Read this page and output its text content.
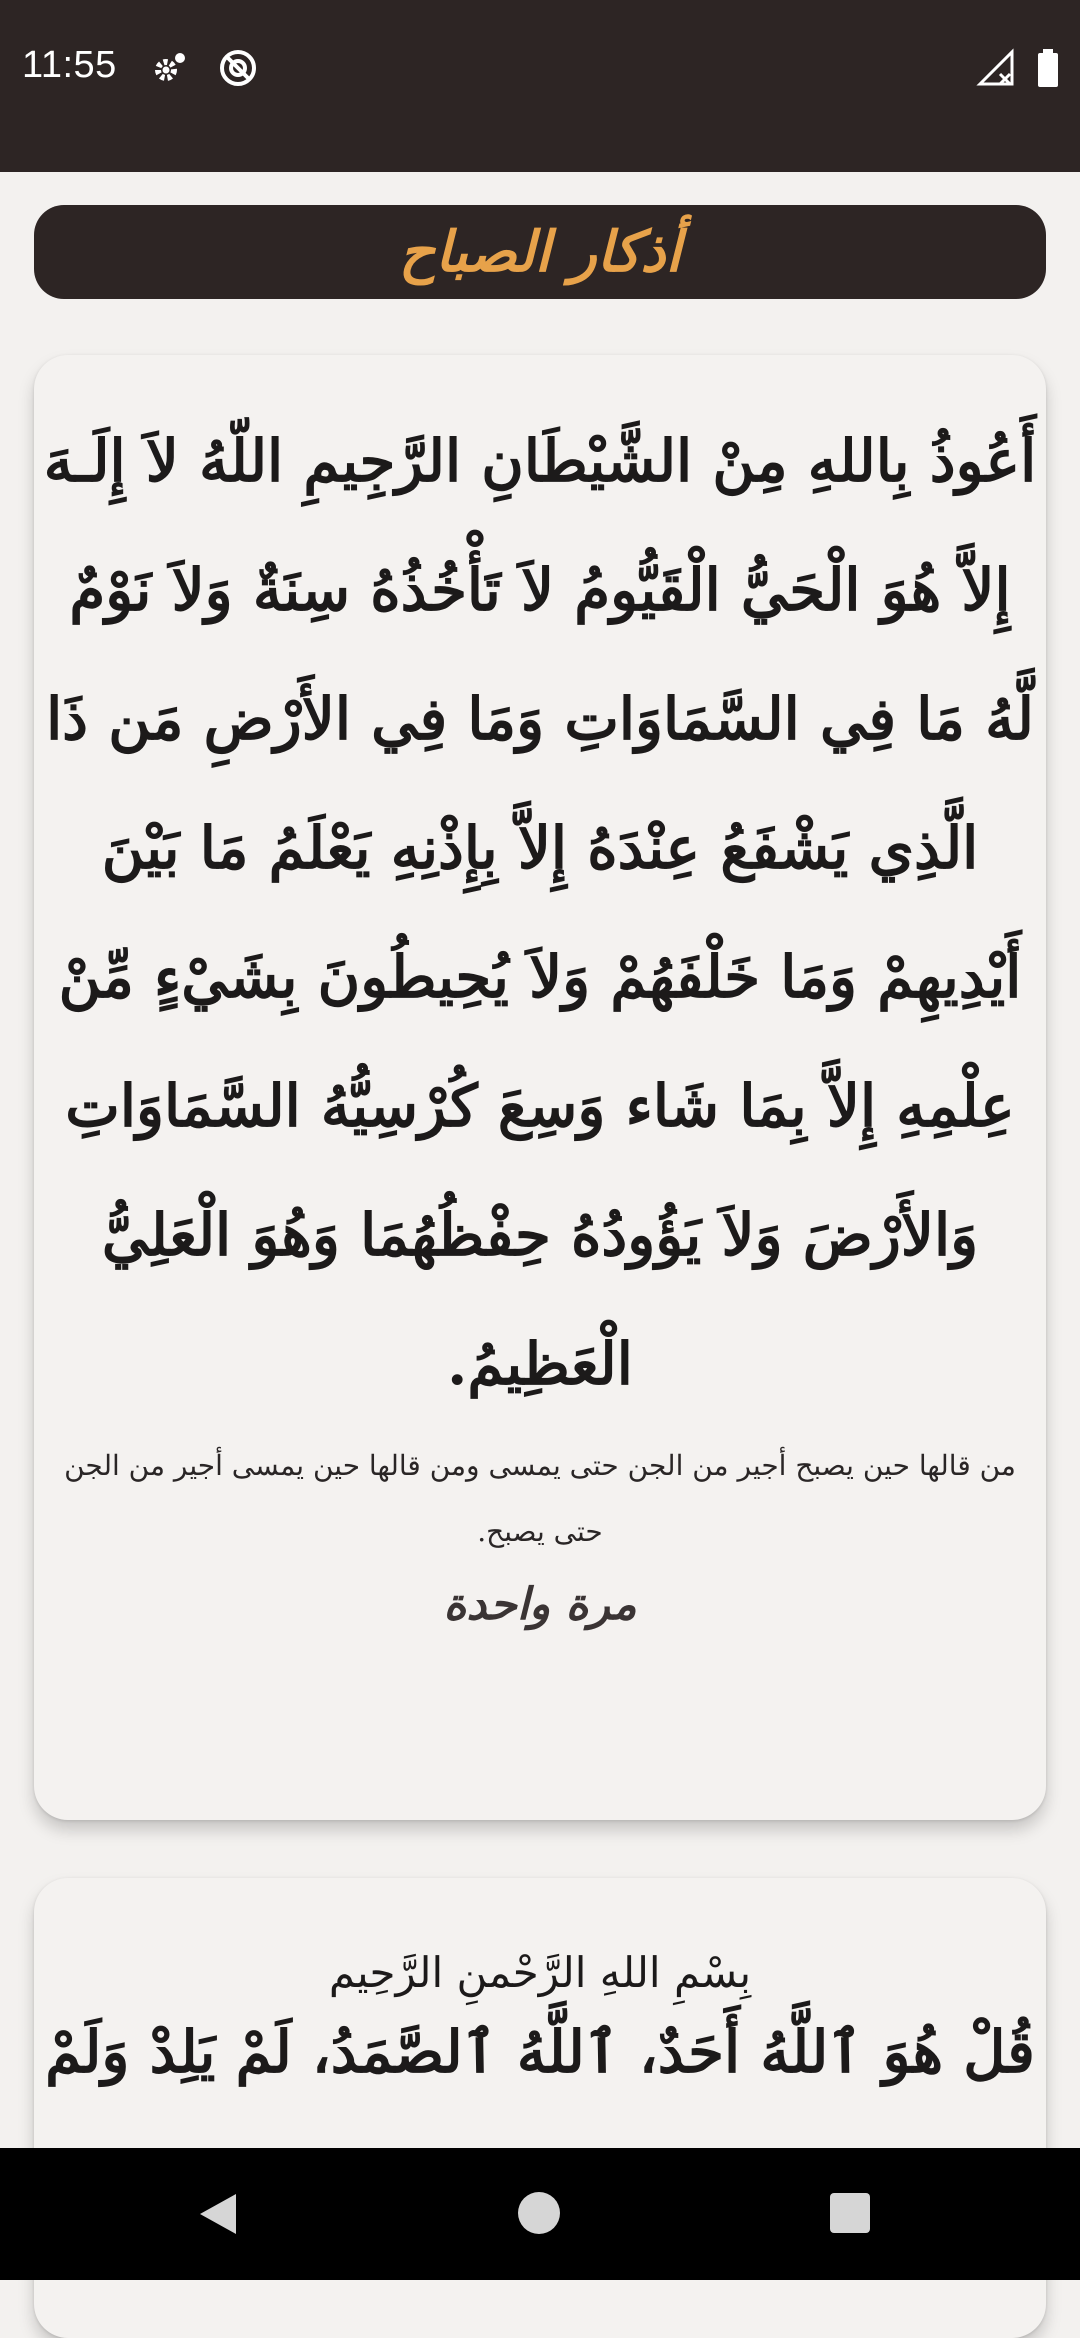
11:55
أذكار الصباح

أَعُوذُ بِاللهِ مِنْ الشَّيْطَانِ الرَّجِيمِ اللّهُ لاَ إِلَـهَ إِلاَّ هُوَ الْحَيُّ الْقَيُّومُ لاَ تَأْخُذُهُ سِنَةٌ وَلاَ نَوْمٌ لَّهُ مَا فِي السَّمَاوَاتِ وَمَا فِي الأَرْضِ مَن ذَا الَّذِي يَشْفَعُ عِنْدَهُ إِلاَّ بِإِذْنِهِ يَعْلَمُ مَا بَيْنَ أَيْدِيهِمْ وَمَا خَلْفَهُمْ وَلاَ يُحِيطُونَ بِشَيْءٍ مِّنْ عِلْمِهِ إِلاَّ بِمَا شَاء وَسِعَ كُرْسِيُّهُ السَّمَاوَاتِ وَالأَرْضَ وَلاَ يَؤُودُهُ حِفْظُهُمَا وَهُوَ الْعَلِيُّ الْعَظِيمُ.

من قالها حين يصبح أجير من الجن حتى يمسى ومن قالها حين يمسى أجير من الجن حتى يصبح.

مرة واحدة
بِسْمِ اللهِ الرَّحْمنِ الرَّحِيم
قُلْ هُوَ ٱللَّهُ أَحَدٌ، ٱللَّهُ ٱلصَّمَدُ، لَمْ يَلِدْ وَلَمْ
